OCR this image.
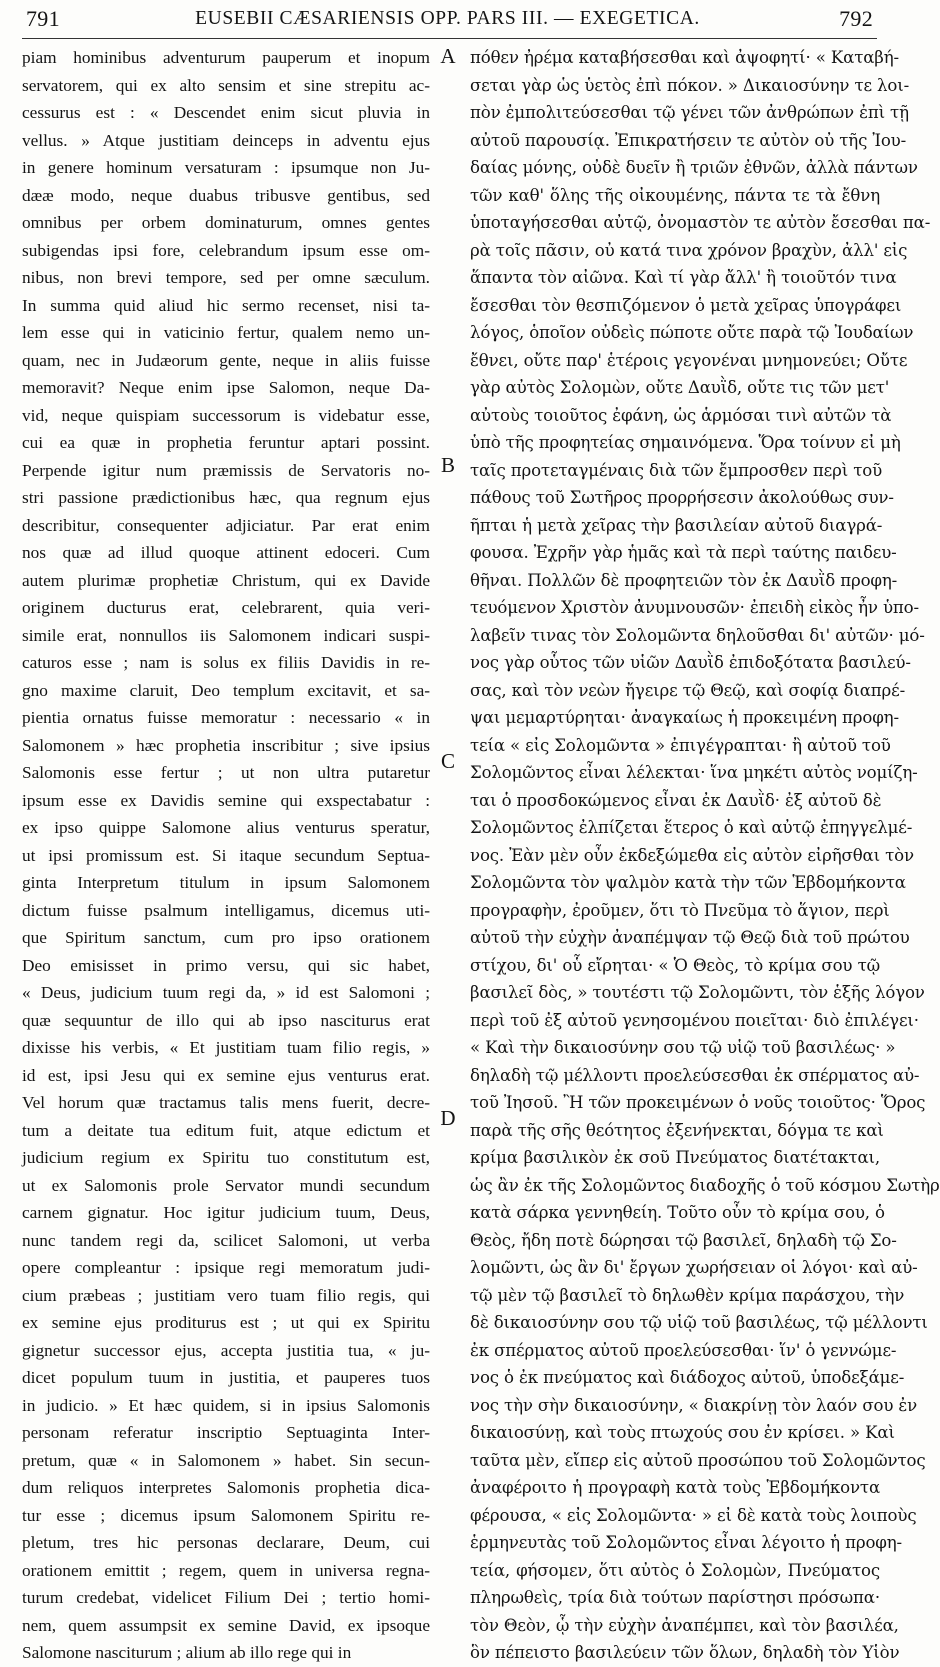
791	EUSEBII CÆSARIENSIS OPP. PARS III. — EXEGETICA.	792
piam hominibus adventurum pauperum et inopum
servatorem, qui ex alto sensim et sine strepitu ac-
cessurus est : « Descendet enim sicut pluvia in
vellus. » Atque justitiam deinceps in adventu ejus
in genere hominum versaturam : ipsumque non Ju-
dææ modo, neque duabus tribusve gentibus, sed
omnibus per orbem dominaturum, omnes gentes
subigendas ipsi fore, celebrandum ipsum esse om-
nibus, non brevi tempore, sed per omne sæculum.
In summa quid aliud hic sermo recenset, nisi ta-
lem esse qui in vaticinio fertur, qualem nemo un-
quam, nec in Judæorum gente, neque in aliis fuisse
memoravit? Neque enim ipse Salomon, neque Da-
vid, neque quispiam successorum is videbatur esse,
cui ea quæ in prophetia feruntur aptari possint.
Perpende igitur num præmissis de Servatoris no-
stri passione prædictionibus hæc, qua regnum ejus
describitur, consequenter adjiciatur. Par erat enim
nos quæ ad illud quoque attinent edoceri. Cum
autem plurimæ prophetiæ Christum, qui ex Davide
originem ducturus erat, celebrarent, quia veri-
simile erat, nonnullos iis Salomonem indicari suspi-
caturos esse ; nam is solus ex filiis Davidis in re-
gno maxime claruit, Deo templum excitavit, et sa-
pientia ornatus fuisse memoratur : necessario « in
Salomonem » hæc prophetia inscribitur ; sive ipsius
Salomonis esse fertur ; ut non ultra putaretur
ipsum esse ex Davidis semine qui exspectabatur :
ex ipso quippe Salomone alius venturus speratur,
ut ipsi promissum est. Si itaque secundum Septua-
ginta Interpretum titulum in ipsum Salomonem
dictum fuisse psalmum intelligamus, dicemus uti-
que Spiritum sanctum, cum pro ipso orationem
Deo emisisset in primo versu, qui sic habet,
« Deus, judicium tuum regi da, » id est Salomoni ;
quæ sequuntur de illo qui ab ipso nasciturus erat
dixisse his verbis, « Et justitiam tuam filio regis, »
id est, ipsi Jesu qui ex semine ejus venturus erat.
Vel horum quæ tractamus talis mens fuerit, decre-
tum a deitate tua editum fuit, atque edictum et
judicium regium ex Spiritu tuo constitutum est,
ut ex Salomonis prole Servator mundi secundum
carnem gignatur. Hoc igitur judicium tuum, Deus,
nunc tandem regi da, scilicet Salomoni, ut verba
opere compleantur : ipsique regi memoratum judi-
cium præbeas ; justitiam vero tuam filio regis, qui
ex semine ejus proditurus est ; ut qui ex Spiritu
gignetur successor ejus, accepta justitia tua, « ju-
dicet populum tuum in justitia, et pauperes tuos
in judicio. » Et hæc quidem, si in ipsius Salomonis
personam referatur inscriptio Septuaginta Inter-
pretum, quæ « in Salomonem » habet. Sin secun-
dum reliquos interpretes Salomonis prophetia dica-
tur esse ; dicemus ipsum Salomonem Spiritu re-
pletum, tres hic personas declarare, Deum, cui
orationem emittit ; regem, quem in universa regna-
turum credebat, videlicet Filium Dei ; tertio homi-
nem, quem assumpsit ex semine David, ex ipsoque
Salomone nasciturum ; alium ab illo rege qui in
A
B
C
D
πόθεν ἠρέμα καταβήσεσθαι καὶ ἀψοφητί· « Καταβή-
σεται γὰρ ὡς ὑετὸς ἐπὶ πόκον. » Δικαιοσύνην τε λοι-
πὸν ἐμπολιτεύσεσθαι τῷ γένει τῶν ἀνθρώπων ἐπὶ τῇ
αὐτοῦ παρουσίᾳ. Ἐπικρατήσειν τε αὐτὸν οὐ τῆς Ἰου-
δαίας μόνης, οὐδὲ δυεῖν ἢ τριῶν ἐθνῶν, ἀλλὰ πάντων
τῶν καθ' ὅλης τῆς οἰκουμένης, πάντα τε τὰ ἔθνη
ὑποταγήσεσθαι αὐτῷ, ὀνομαστὸν τε αὐτὸν ἔσεσθαι πα-
ρὰ τοῖς πᾶσιν, οὐ κατά τινα χρόνον βραχὺν, ἀλλ' εἰς
ἅπαντα τὸν αἰῶνα. Καὶ τί γὰρ ἄλλ' ἢ τοιοῦτόν τινα
ἔσεσθαι τὸν θεσπιζόμενον ὁ μετὰ χεῖρας ὑπογράφει
λόγος, ὁποῖον οὐδεὶς πώποτε οὔτε παρὰ τῷ Ἰουδαίων
ἔθνει, οὔτε παρ' ἑτέροις γεγονέναι μνημονεύει; Οὔτε
γὰρ αὐτὸς Σολομὼν, οὔτε Δαυῒδ, οὔτε τις τῶν μετ'
αὐτοὺς τοιοῦτος ἐφάνη, ὡς ἁρμόσαι τινὶ αὐτῶν τὰ
ὑπὸ τῆς προφητείας σημαινόμενα. Ὅρα τοίνυν εἰ μὴ
ταῖς προτεταγμέναις διὰ τῶν ἔμπροσθεν περὶ τοῦ
πάθους τοῦ Σωτῆρος προρρήσεσιν ἀκολούθως συν-
ῆπται ἡ μετὰ χεῖρας τὴν βασιλείαν αὐτοῦ διαγρά-
φουσα. Ἐχρῆν γὰρ ἡμᾶς καὶ τὰ περὶ ταύτης παιδευ-
θῆναι. Πολλῶν δὲ προφητειῶν τὸν ἐκ Δαυῒδ προφη-
τευόμενον Χριστὸν ἀνυμνουσῶν· ἐπειδὴ εἰκὸς ἦν ὑπο-
λαβεῖν τινας τὸν Σολομῶντα δηλοῦσθαι δι' αὐτῶν· μό-
νος γὰρ οὗτος τῶν υἱῶν Δαυῒδ ἐπιδοξότατα βασιλεύ-
σας, καὶ τὸν νεὼν ἤγειρε τῷ Θεῷ, καὶ σοφίᾳ διαπρέ-
ψαι μεμαρτύρηται· ἀναγκαίως ἡ προκειμένη προφη-
τεία « εἰς Σολομῶντα » ἐπιγέγραπται· ἢ αὐτοῦ τοῦ
Σολομῶντος εἶναι λέλεκται· ἵνα μηκέτι αὐτὸς νομίζη-
ται ὁ προσδοκώμενος εἶναι ἐκ Δαυῒδ· ἐξ αὐτοῦ δὲ
Σολομῶντος ἐλπίζεται ἕτερος ὁ καὶ αὐτῷ ἐπηγγελμέ-
νος. Ἐὰν μὲν οὖν ἐκδεξώμεθα εἰς αὐτὸν εἰρῆσθαι τὸν
Σολομῶντα τὸν ψαλμὸν κατὰ τὴν τῶν Ἑβδομήκοντα
προγραφὴν, ἐροῦμεν, ὅτι τὸ Πνεῦμα τὸ ἅγιον, περὶ
αὐτοῦ τὴν εὐχὴν ἀναπέμψαν τῷ Θεῷ διὰ τοῦ πρώτου
στίχου, δι' οὗ εἴρηται· « Ὁ Θεὸς, τὸ κρίμα σου τῷ
βασιλεῖ δὸς, » τουτέστι τῷ Σολομῶντι, τὸν ἑξῆς λόγον
περὶ τοῦ ἐξ αὐτοῦ γενησομένου ποιεῖται· διὸ ἐπιλέγει·
« Καὶ τὴν δικαιοσύνην σου τῷ υἱῷ τοῦ βασιλέως· »
δηλαδὴ τῷ μέλλοντι προελεύσεσθαι ἐκ σπέρματος αὐ-
τοῦ Ἰησοῦ. Ἢ τῶν προκειμένων ὁ νοῦς τοιοῦτος· Ὅρος
παρὰ τῆς σῆς θεότητος ἐξενήνεκται, δόγμα τε καὶ
κρίμα βασιλικὸν ἐκ σοῦ Πνεύματος διατέτακται,
ὡς ἂν ἐκ τῆς Σολομῶντος διαδοχῆς ὁ τοῦ κόσμου Σωτὴρ
κατὰ σάρκα γεννηθείη. Τοῦτο οὖν τὸ κρίμα σου, ὁ
Θεὸς, ἤδη ποτὲ δώρησαι τῷ βασιλεῖ, δηλαδὴ τῷ Σο-
λομῶντι, ὡς ἂν δι' ἔργων χωρήσειαν οἱ λόγοι· καὶ αὐ-
τῷ μὲν τῷ βασιλεῖ τὸ δηλωθὲν κρίμα παράσχου, τὴν
δὲ δικαιοσύνην σου τῷ υἱῷ τοῦ βασιλέως, τῷ μέλλοντι
ἐκ σπέρματος αὐτοῦ προελεύσεσθαι· ἵν' ὁ γεννώμε-
νος ὁ ἐκ πνεύματος καὶ διάδοχος αὐτοῦ, ὑποδεξάμε-
νος τὴν σὴν δικαιοσύνην, « διακρίνῃ τὸν λαόν σου ἐν
δικαιοσύνῃ, καὶ τοὺς πτωχούς σου ἐν κρίσει. » Καὶ
ταῦτα μὲν, εἴπερ εἰς αὐτοῦ προσώπου τοῦ Σολομῶντος
ἀναφέροιτο ἡ προγραφὴ κατὰ τοὺς Ἑβδομήκοντα
φέρουσα, « εἰς Σολομῶντα· » εἰ δὲ κατὰ τοὺς λοιποὺς
ἑρμηνευτὰς τοῦ Σολομῶντος εἶναι λέγοιτο ἡ προφη-
τεία, φήσομεν, ὅτι αὐτὸς ὁ Σολομὼν, Πνεύματος
πληρωθεὶς, τρία διὰ τούτων παρίστησι πρόσωπα·
τὸν Θεὸν, ᾧ τὴν εὐχὴν ἀναπέμπει, καὶ τὸν βασιλέα,
ὃν πέπειστο βασιλεύειν τῶν ὅλων, δηλαδὴ τὸν Υἱὸν
